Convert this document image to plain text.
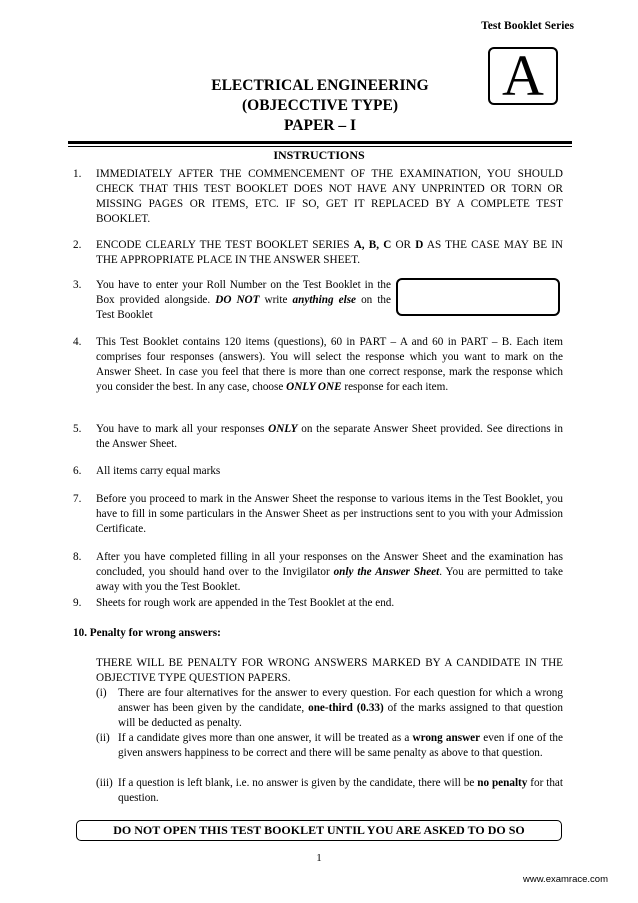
Test Booklet Series
A
ELECTRICAL ENGINEERING
(OBJECCTIVE TYPE)
PAPER – I
INSTRUCTIONS
1. IMMEDIATELY AFTER THE COMMENCEMENT OF THE EXAMINATION, YOU SHOULD CHECK THAT THIS TEST BOOKLET DOES NOT HAVE ANY UNPRINTED OR TORN OR MISSING PAGES OR ITEMS, ETC. IF SO, GET IT REPLACED BY A COMPLETE TEST BOOKLET.
2. ENCODE CLEARLY THE TEST BOOKLET SERIES A, B, C OR D AS THE CASE MAY BE IN THE APPROPRIATE PLACE IN THE ANSWER SHEET.
3. You have to enter your Roll Number on the Test Booklet in the Box provided alongside. DO NOT write anything else on the Test Booklet
4. This Test Booklet contains 120 items (questions), 60 in PART – A and 60 in PART – B. Each item comprises four responses (answers). You will select the response which you want to mark on the Answer Sheet. In case you feel that there is more than one correct response, mark the response which you consider the best. In any case, choose ONLY ONE response for each item.
5. You have to mark all your responses ONLY on the separate Answer Sheet provided. See directions in the Answer Sheet.
6. All items carry equal marks
7. Before you proceed to mark in the Answer Sheet the response to various items in the Test Booklet, you have to fill in some particulars in the Answer Sheet as per instructions sent to you with your Admission Certificate.
8. After you have completed filling in all your responses on the Answer Sheet and the examination has concluded, you should hand over to the Invigilator only the Answer Sheet. You are permitted to take away with you the Test Booklet.
9. Sheets for rough work are appended in the Test Booklet at the end.
10. Penalty for wrong answers:
THERE WILL BE PENALTY FOR WRONG ANSWERS MARKED BY A CANDIDATE IN THE OBJECTIVE TYPE QUESTION PAPERS.
(i) There are four alternatives for the answer to every question. For each question for which a wrong answer has been given by the candidate, one-third (0.33) of the marks assigned to that question will be deducted as penalty.
(ii) If a candidate gives more than one answer, it will be treated as a wrong answer even if one of the given answers happiness to be correct and there will be same penalty as above to that question.
(iii) If a question is left blank, i.e. no answer is given by the candidate, there will be no penalty for that question.
DO NOT OPEN THIS TEST BOOKLET UNTIL YOU ARE ASKED TO DO SO
1
www.examrace.com
